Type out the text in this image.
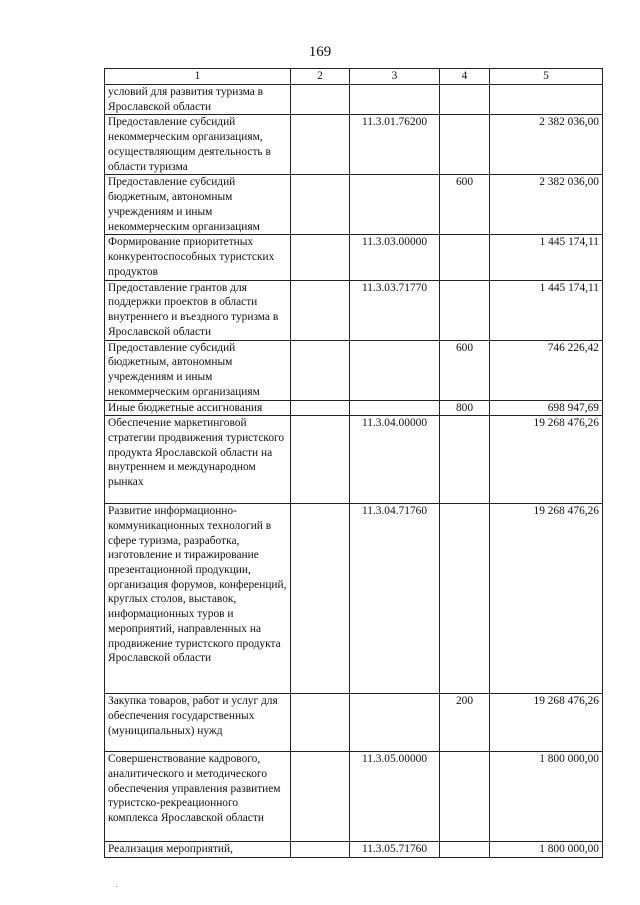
169
1	2	3	4	5
условий для развития туризма в Ярославской области				
Предоставление субсидий некоммерческим организациям, осуществляющим деятельность в области туризма		11.3.01.76200		2 382 036,00
Предоставление субсидий бюджетным, автономным учреждениям и иным некоммерческим организациям			600	2 382 036,00
Формирование приоритетных конкурентоспособных туристских продуктов		11.3.03.00000		1 445 174,11
Предоставление грантов для поддержки проектов в области внутреннего и въездного туризма в Ярославской области		11.3.03.71770		1 445 174,11
Предоставление субсидий бюджетным, автономным учреждениям и иным некоммерческим организациям			600	746 226,42
Иные бюджетные ассигнования			800	698 947,69
Обеспечение маркетинговой стратегии продвижения туристского продукта Ярославской области на внутреннем и международном рынках		11.3.04.00000		19 268 476,26
Развитие информационно-коммуникационных технологий в сфере туризма, разработка, изготовление и тиражирование презентационной продукции, организация форумов, конференций, круглых столов, выставок, информационных туров и мероприятий, направленных на продвижение туристского продукта Ярославской области		11.3.04.71760		19 268 476,26
Закупка товаров, работ и услуг для обеспечения государственных (муниципальных) нужд			200	19 268 476,26
Совершенствование кадрового, аналитического и методического обеспечения управления развитием туристско-рекреационного комплекса Ярославской области		11.3.05.00000		1 800 000,00
Реализация мероприятий,		11.3.05.71760		1 800 000,00
